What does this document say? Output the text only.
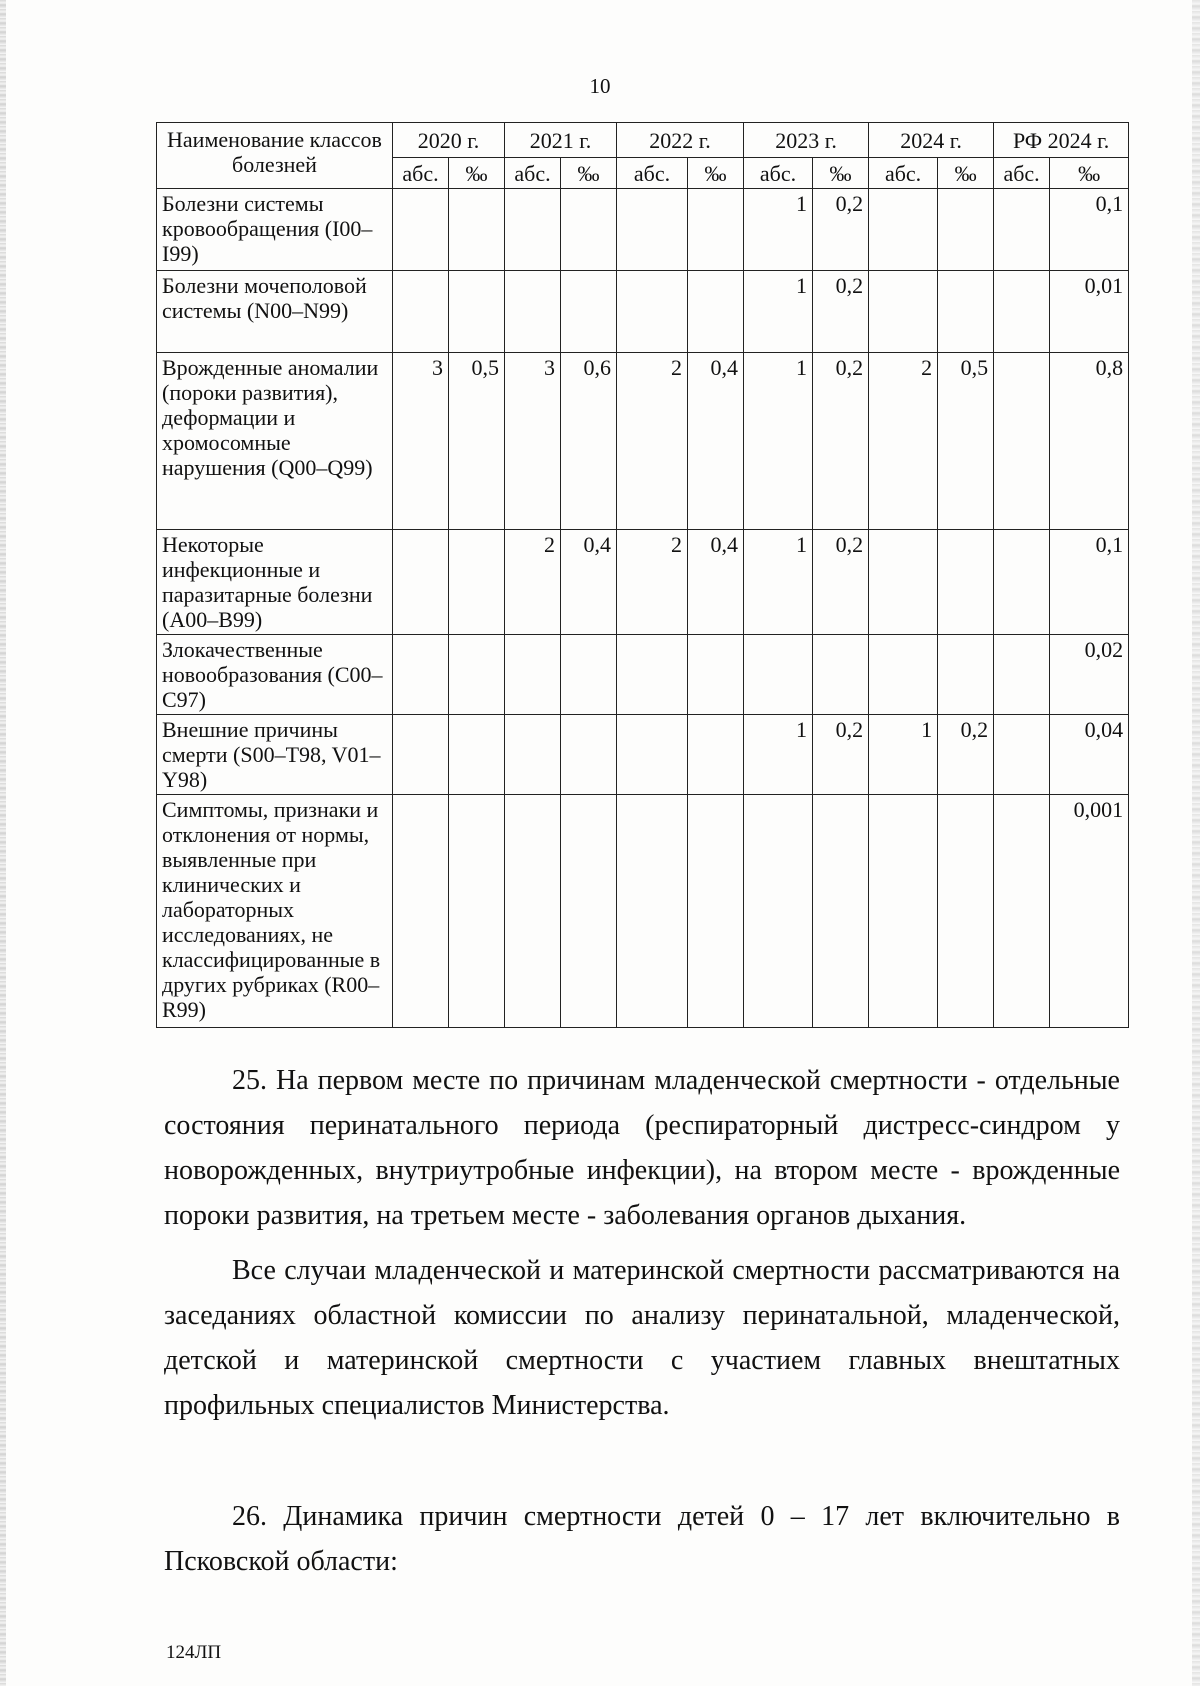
10
Наименование классов болезней	2020 г.		2021 г.		2022 г.		2023 г.		2024 г.		РФ 2024 г.	
	абс.	‰	абс.	‰	абс.	‰	абс.	‰	абс.	‰	абс.	‰
Болезни системы кровообращения (I00– I99)							1	0,2				0,1
Болезни мочеполовой системы (N00–N99)							1	0,2				0,01
Врожденные аномалии (пороки развития), деформации и хромосомные нарушения (Q00–Q99)	3	0,5	3	0,6	2	0,4	1	0,2	2	0,5		0,8
Некоторые инфекционные и паразитарные болезни (A00–B99)			2	0,4	2	0,4	1	0,2				0,1
Злокачественные новообразования (C00– C97)												0,02
Внешние причины смерти (S00–T98, V01– Y98)							1	0,2	1	0,2		0,04
Симптомы, признаки и отклонения от нормы, выявленные при клинических и лабораторных исследованиях, не классифицированные в других рубриках (R00– R99)												0,001

25. На первом месте по причинам младенческой смертности - отдельные состояния перинатального периода (респираторный дистресс-синдром у новорожденных, внутриутробные инфекции), на втором месте - врожденные пороки развития, на третьем месте - заболевания органов дыхания.

Все случаи младенческой и материнской смертности рассматриваются на заседаниях областной комиссии по анализу перинатальной, младенческой, детской и материнской смертности с участием главных внештатных профильных специалистов Министерства.

26. Динамика причин смертности детей 0 – 17 лет включительно в Псковской области:

124ЛП
